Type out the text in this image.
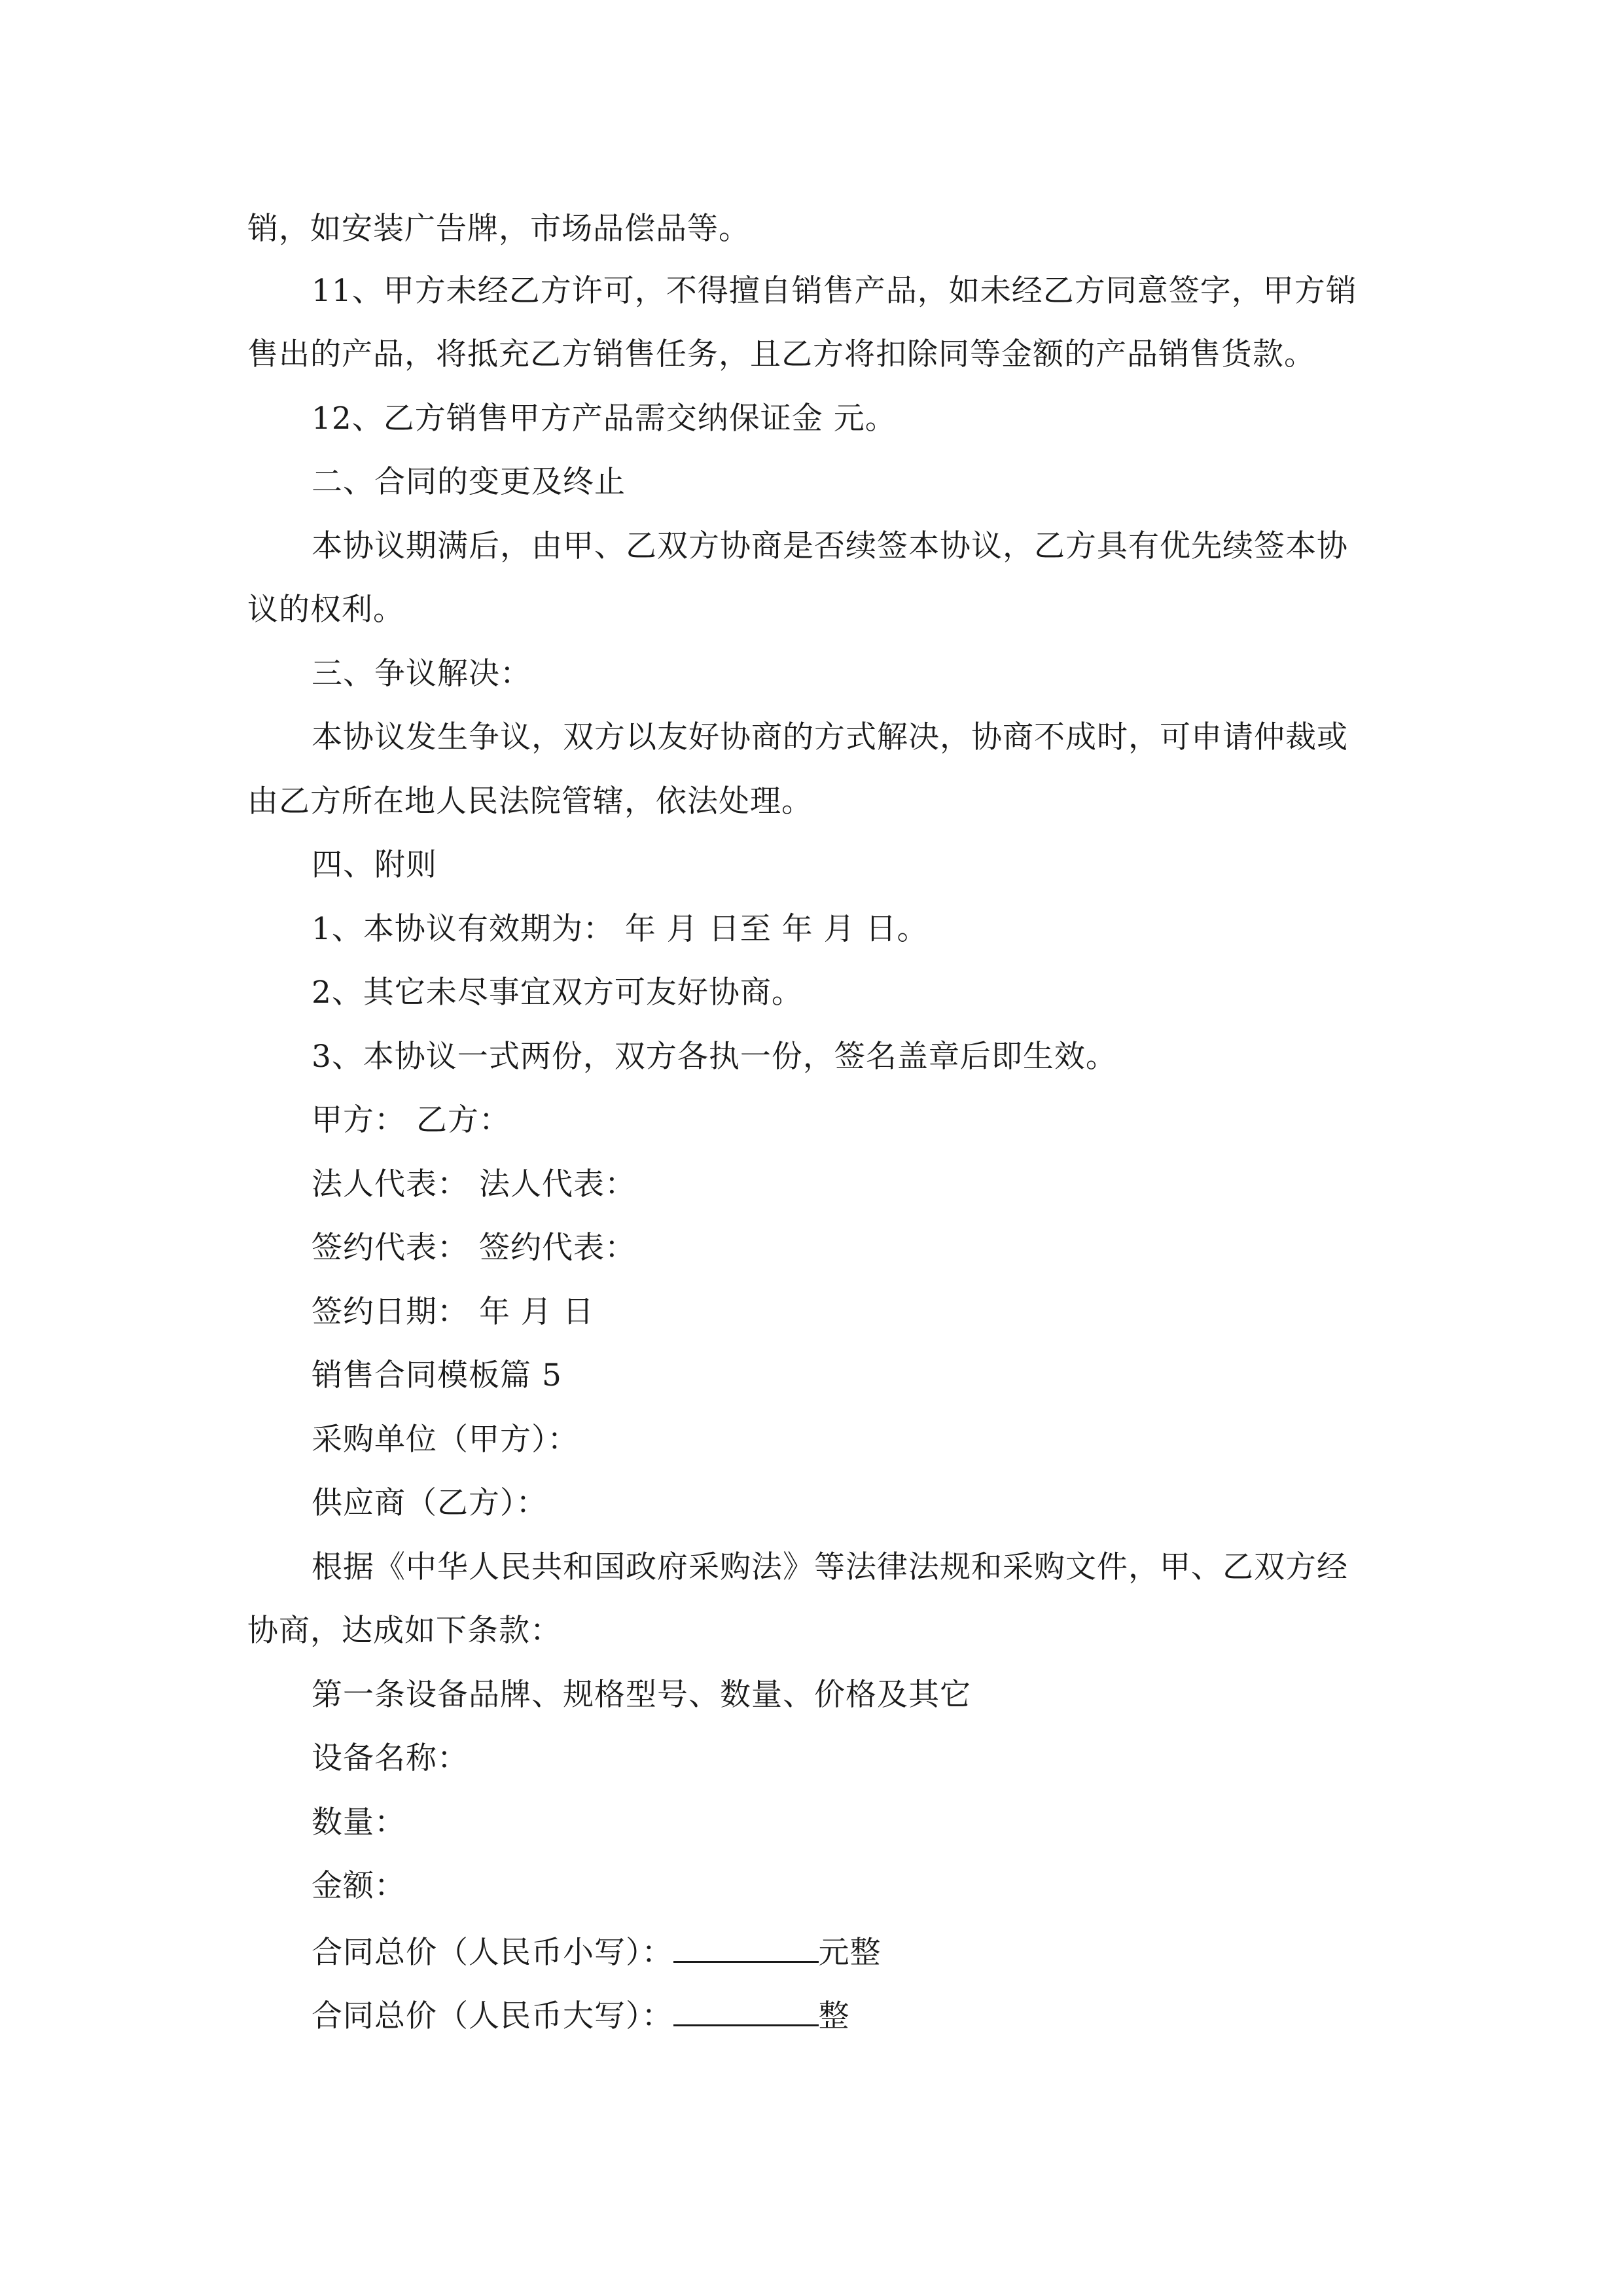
销，如安装广告牌，市场品偿品等。
11、甲方未经乙方许可，不得擅自销售产品，如未经乙方同意签字，甲方销
售出的产品，将抵充乙方销售任务，且乙方将扣除同等金额的产品销售货款。
12、乙方销售甲方产品需交纳保证金 元。
二、合同的变更及终止
本协议期满后，由甲、乙双方协商是否续签本协议，乙方具有优先续签本协
议的权利。
三、争议解决：
本协议发生争议，双方以友好协商的方式解决，协商不成时，可申请仲裁或
由乙方所在地人民法院管辖，依法处理。
四、附则
1、本协议有效期为： 年 月 日至 年 月 日。
2、其它未尽事宜双方可友好协商。
3、本协议一式两份，双方各执一份，签名盖章后即生效。
甲方： 乙方：
法人代表： 法人代表：
签约代表： 签约代表：
签约日期： 年 月 日
销售合同模板篇 5
采购单位（甲方）：
供应商（乙方）：
根据《中华人民共和国政府采购法》等法律法规和采购文件，甲、乙双方经
协商，达成如下条款：
第一条设备品牌、规格型号、数量、价格及其它
设备名称：
数量：
金额：
合同总价（人民币小写）：	元整
合同总价（人民币大写）：	整
